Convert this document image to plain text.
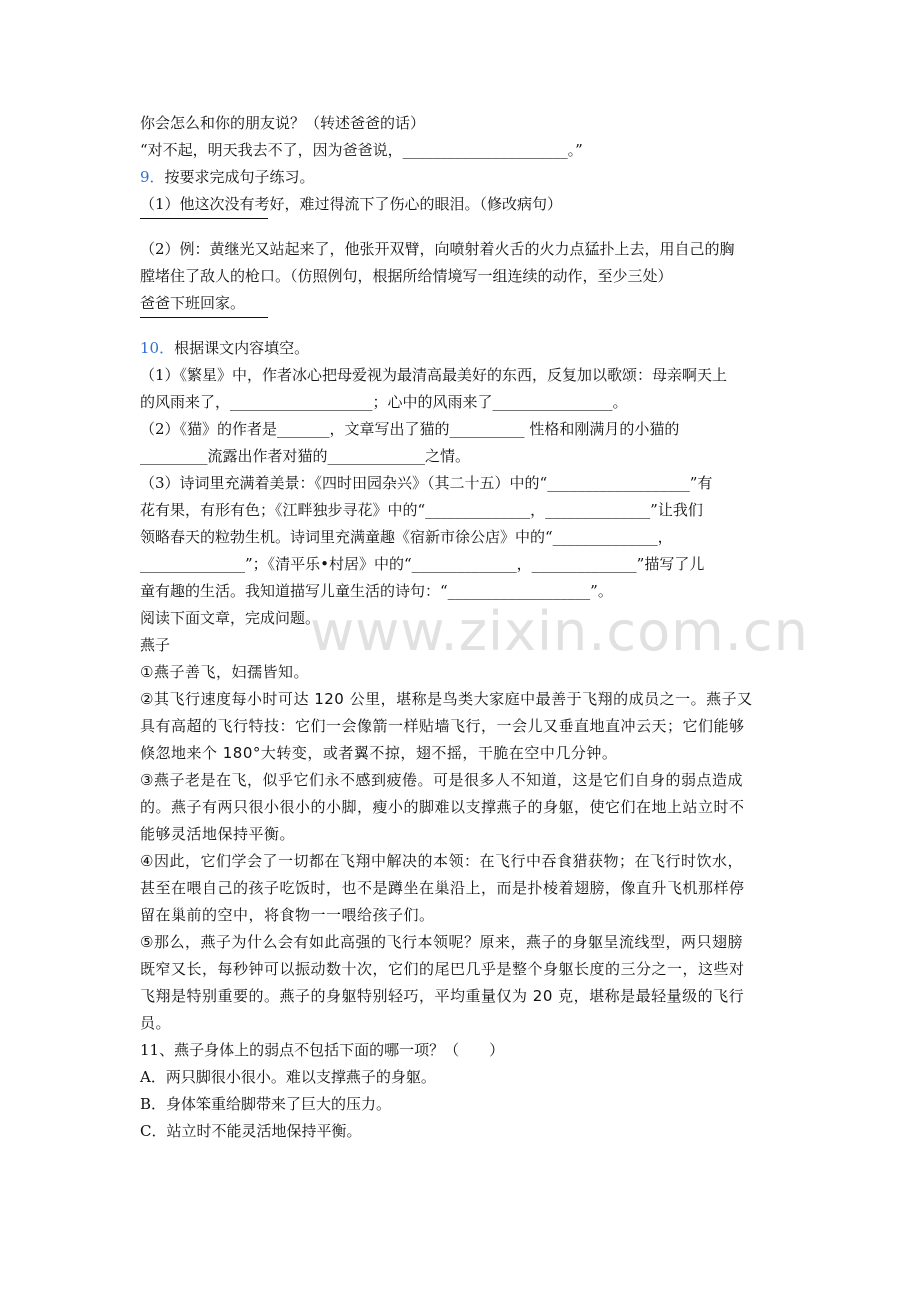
www.zixin.com.cn
你会怎么和你的朋友说？（转述爸爸的话）
“对不起，明天我去不了，因为爸爸说，______________________。”
9．按要求完成句子练习。
（1）他这次没有考好，难过得流下了伤心的眼泪。（修改病句）
（2）例：黄继光又站起来了，他张开双臂，向喷射着火舌的火力点猛扑上去，用自己的胸
膛堵住了敌人的枪口。（仿照例句，根据所给情境写一组连续的动作，至少三处）
爸爸下班回家。
10．根据课文内容填空。
（1）《繁星》中，作者冰心把母爱视为最清高最美好的东西，反复加以歌颂：母亲啊天上
的风雨来了，___________________；心中的风雨来了________________。
（2）《猫》的作者是_______，文章写出了猫的__________ 性格和刚满月的小猫的
_________流露出作者对猫的_____________之情。
（3）诗词里充满着美景：《四时田园杂兴》（其二十五）中的“___________________”有
花有果，有形有色；《江畔独步寻花》中的“______________，______________”让我们
领略春天的粒勃生机。诗词里充满童趣《宿新市徐公店》中的“______________，
______________”；《清平乐•村居》中的“______________，______________”描写了儿
童有趣的生活。我知道描写儿童生活的诗句：“___________________”。
阅读下面文章，完成问题。
燕子
①燕子善飞，妇孺皆知。
②其飞行速度每小时可达 120 公里，堪称是鸟类大家庭中最善于飞翔的成员之一。燕子又
具有高超的飞行特技：它们一会像箭一样贴墙飞行，一会儿又垂直地直冲云天；它们能够
倏忽地来个 180°大转变，或者翼不掠，翅不摇，干脆在空中几分钟。
③燕子老是在飞，似乎它们永不感到疲倦。可是很多人不知道，这是它们自身的弱点造成
的。燕子有两只很小很小的小脚，瘦小的脚难以支撑燕子的身躯，使它们在地上站立时不
能够灵活地保持平衡。
④因此，它们学会了一切都在飞翔中解决的本领：在飞行中吞食猎获物；在飞行时饮水，
甚至在喂自己的孩子吃饭时，也不是蹲坐在巢沿上，而是扑棱着翅膀，像直升飞机那样停
留在巢前的空中，将食物一一喂给孩子们。
⑤那么，燕子为什么会有如此高强的飞行本领呢？原来，燕子的身躯呈流线型，两只翅膀
既窄又长，每秒钟可以振动数十次，它们的尾巴几乎是整个身躯长度的三分之一，这些对
飞翔是特别重要的。燕子的身躯特别轻巧，平均重量仅为 20 克，堪称是最轻量级的飞行
员。
11、燕子身体上的弱点不包括下面的哪一项？（　　）
A．两只脚很小很小。难以支撑燕子的身躯。
B．身体笨重给脚带来了巨大的压力。
C．站立时不能灵活地保持平衡。
